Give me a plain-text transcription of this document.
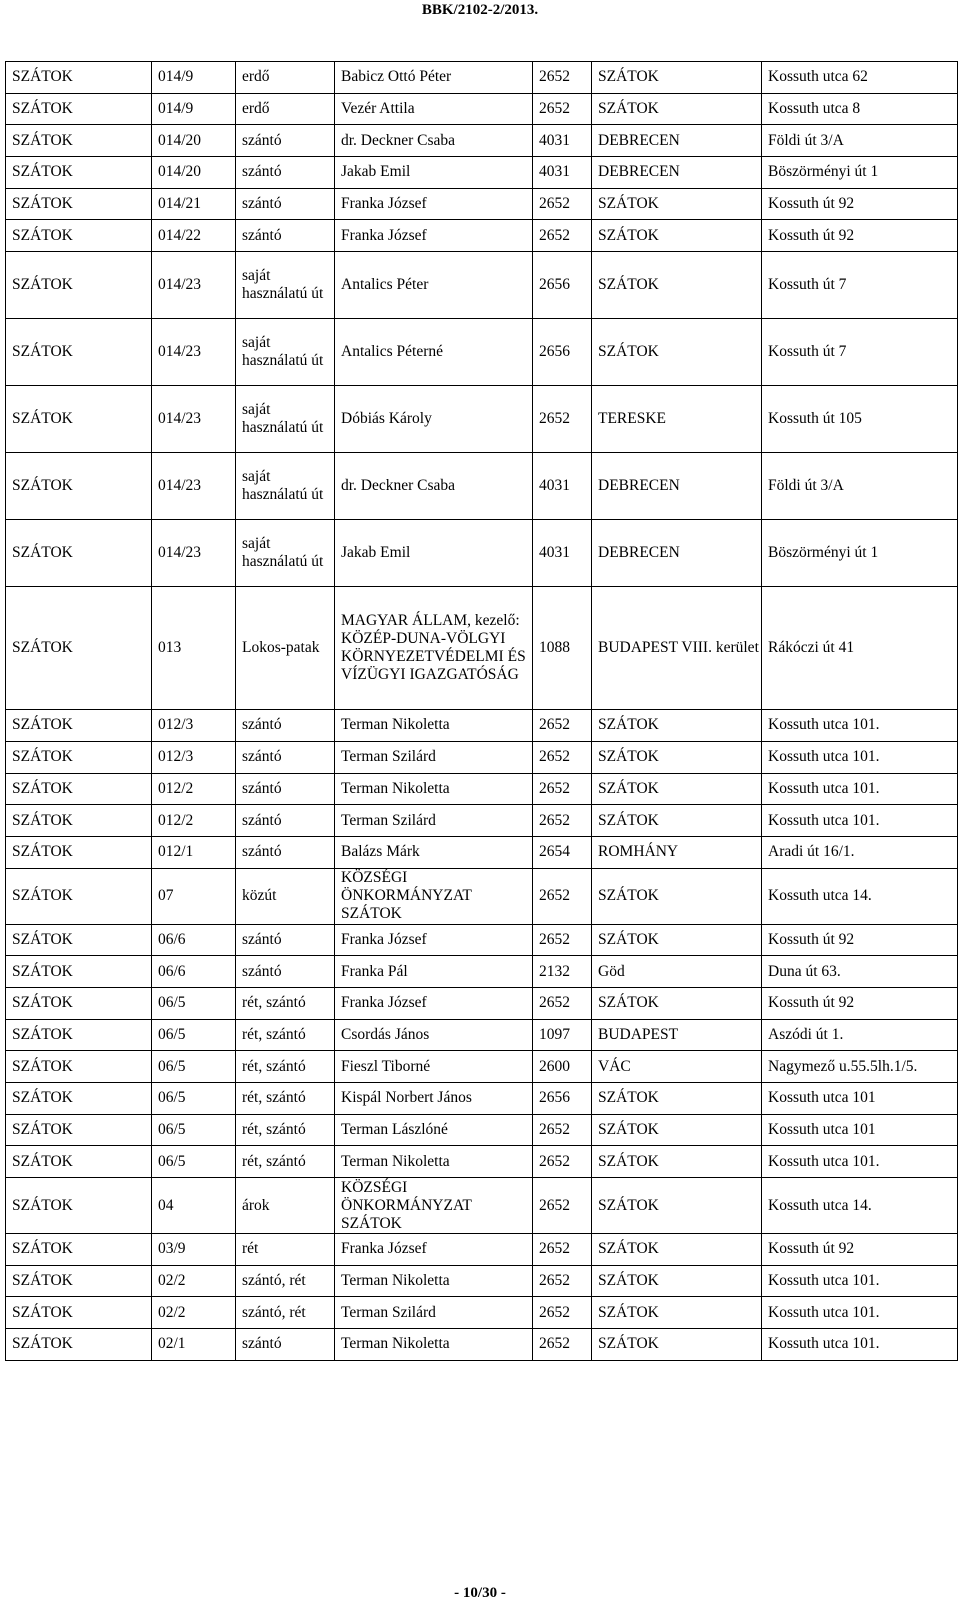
BBK/2102-2/2013.
SZÁTOK	014/9	erdő	Babicz Ottó Péter	2652	SZÁTOK	Kossuth utca 62
SZÁTOK	014/9	erdő	Vezér Attila	2652	SZÁTOK	Kossuth utca 8
SZÁTOK	014/20	szántó	dr. Deckner Csaba	4031	DEBRECEN	Földi út 3/A
SZÁTOK	014/20	szántó	Jakab Emil	4031	DEBRECEN	Böszörményi út 1
SZÁTOK	014/21	szántó	Franka József	2652	SZÁTOK	Kossuth út 92
SZÁTOK	014/22	szántó	Franka József	2652	SZÁTOK	Kossuth út 92
SZÁTOK	014/23	saját használatú út	Antalics Péter	2656	SZÁTOK	Kossuth út 7
SZÁTOK	014/23	saját használatú út	Antalics Péterné	2656	SZÁTOK	Kossuth út 7
SZÁTOK	014/23	saját használatú út	Dóbiás Károly	2652	TERESKE	Kossuth út 105
SZÁTOK	014/23	saját használatú út	dr. Deckner Csaba	4031	DEBRECEN	Földi út 3/A
SZÁTOK	014/23	saját használatú út	Jakab Emil	4031	DEBRECEN	Böszörményi út 1
SZÁTOK	013	Lokos-patak	MAGYAR ÁLLAM, kezelő: KÖZÉP-DUNA-VÖLGYI KÖRNYEZETVÉDELMI ÉS VÍZÜGYI IGAZGATÓSÁG	1088	BUDAPEST VIII. kerület	Rákóczi út 41
SZÁTOK	012/3	szántó	Terman Nikoletta	2652	SZÁTOK	Kossuth utca 101.
SZÁTOK	012/3	szántó	Terman Szilárd	2652	SZÁTOK	Kossuth utca 101.
SZÁTOK	012/2	szántó	Terman Nikoletta	2652	SZÁTOK	Kossuth utca 101.
SZÁTOK	012/2	szántó	Terman Szilárd	2652	SZÁTOK	Kossuth utca 101.
SZÁTOK	012/1	szántó	Balázs Márk	2654	ROMHÁNY	Aradi út 16/1.
SZÁTOK	07	közút	KÖZSÉGI ÖNKORMÁNYZAT SZÁTOK	2652	SZÁTOK	Kossuth utca 14.
SZÁTOK	06/6	szántó	Franka József	2652	SZÁTOK	Kossuth út 92
SZÁTOK	06/6	szántó	Franka Pál	2132	Göd	Duna út 63.
SZÁTOK	06/5	rét, szántó	Franka József	2652	SZÁTOK	Kossuth út 92
SZÁTOK	06/5	rét, szántó	Csordás János	1097	BUDAPEST	Aszódi út 1.
SZÁTOK	06/5	rét, szántó	Fieszl Tiborné	2600	VÁC	Nagymező u.55.5lh.1/5.
SZÁTOK	06/5	rét, szántó	Kispál Norbert János	2656	SZÁTOK	Kossuth utca 101
SZÁTOK	06/5	rét, szántó	Terman Lászlóné	2652	SZÁTOK	Kossuth utca 101
SZÁTOK	06/5	rét, szántó	Terman Nikoletta	2652	SZÁTOK	Kossuth utca 101.
SZÁTOK	04	árok	KÖZSÉGI ÖNKORMÁNYZAT SZÁTOK	2652	SZÁTOK	Kossuth utca 14.
SZÁTOK	03/9	rét	Franka József	2652	SZÁTOK	Kossuth út 92
SZÁTOK	02/2	szántó, rét	Terman Nikoletta	2652	SZÁTOK	Kossuth utca 101.
SZÁTOK	02/2	szántó, rét	Terman Szilárd	2652	SZÁTOK	Kossuth utca 101.
SZÁTOK	02/1	szántó	Terman Nikoletta	2652	SZÁTOK	Kossuth utca 101.
- 10/30 -
